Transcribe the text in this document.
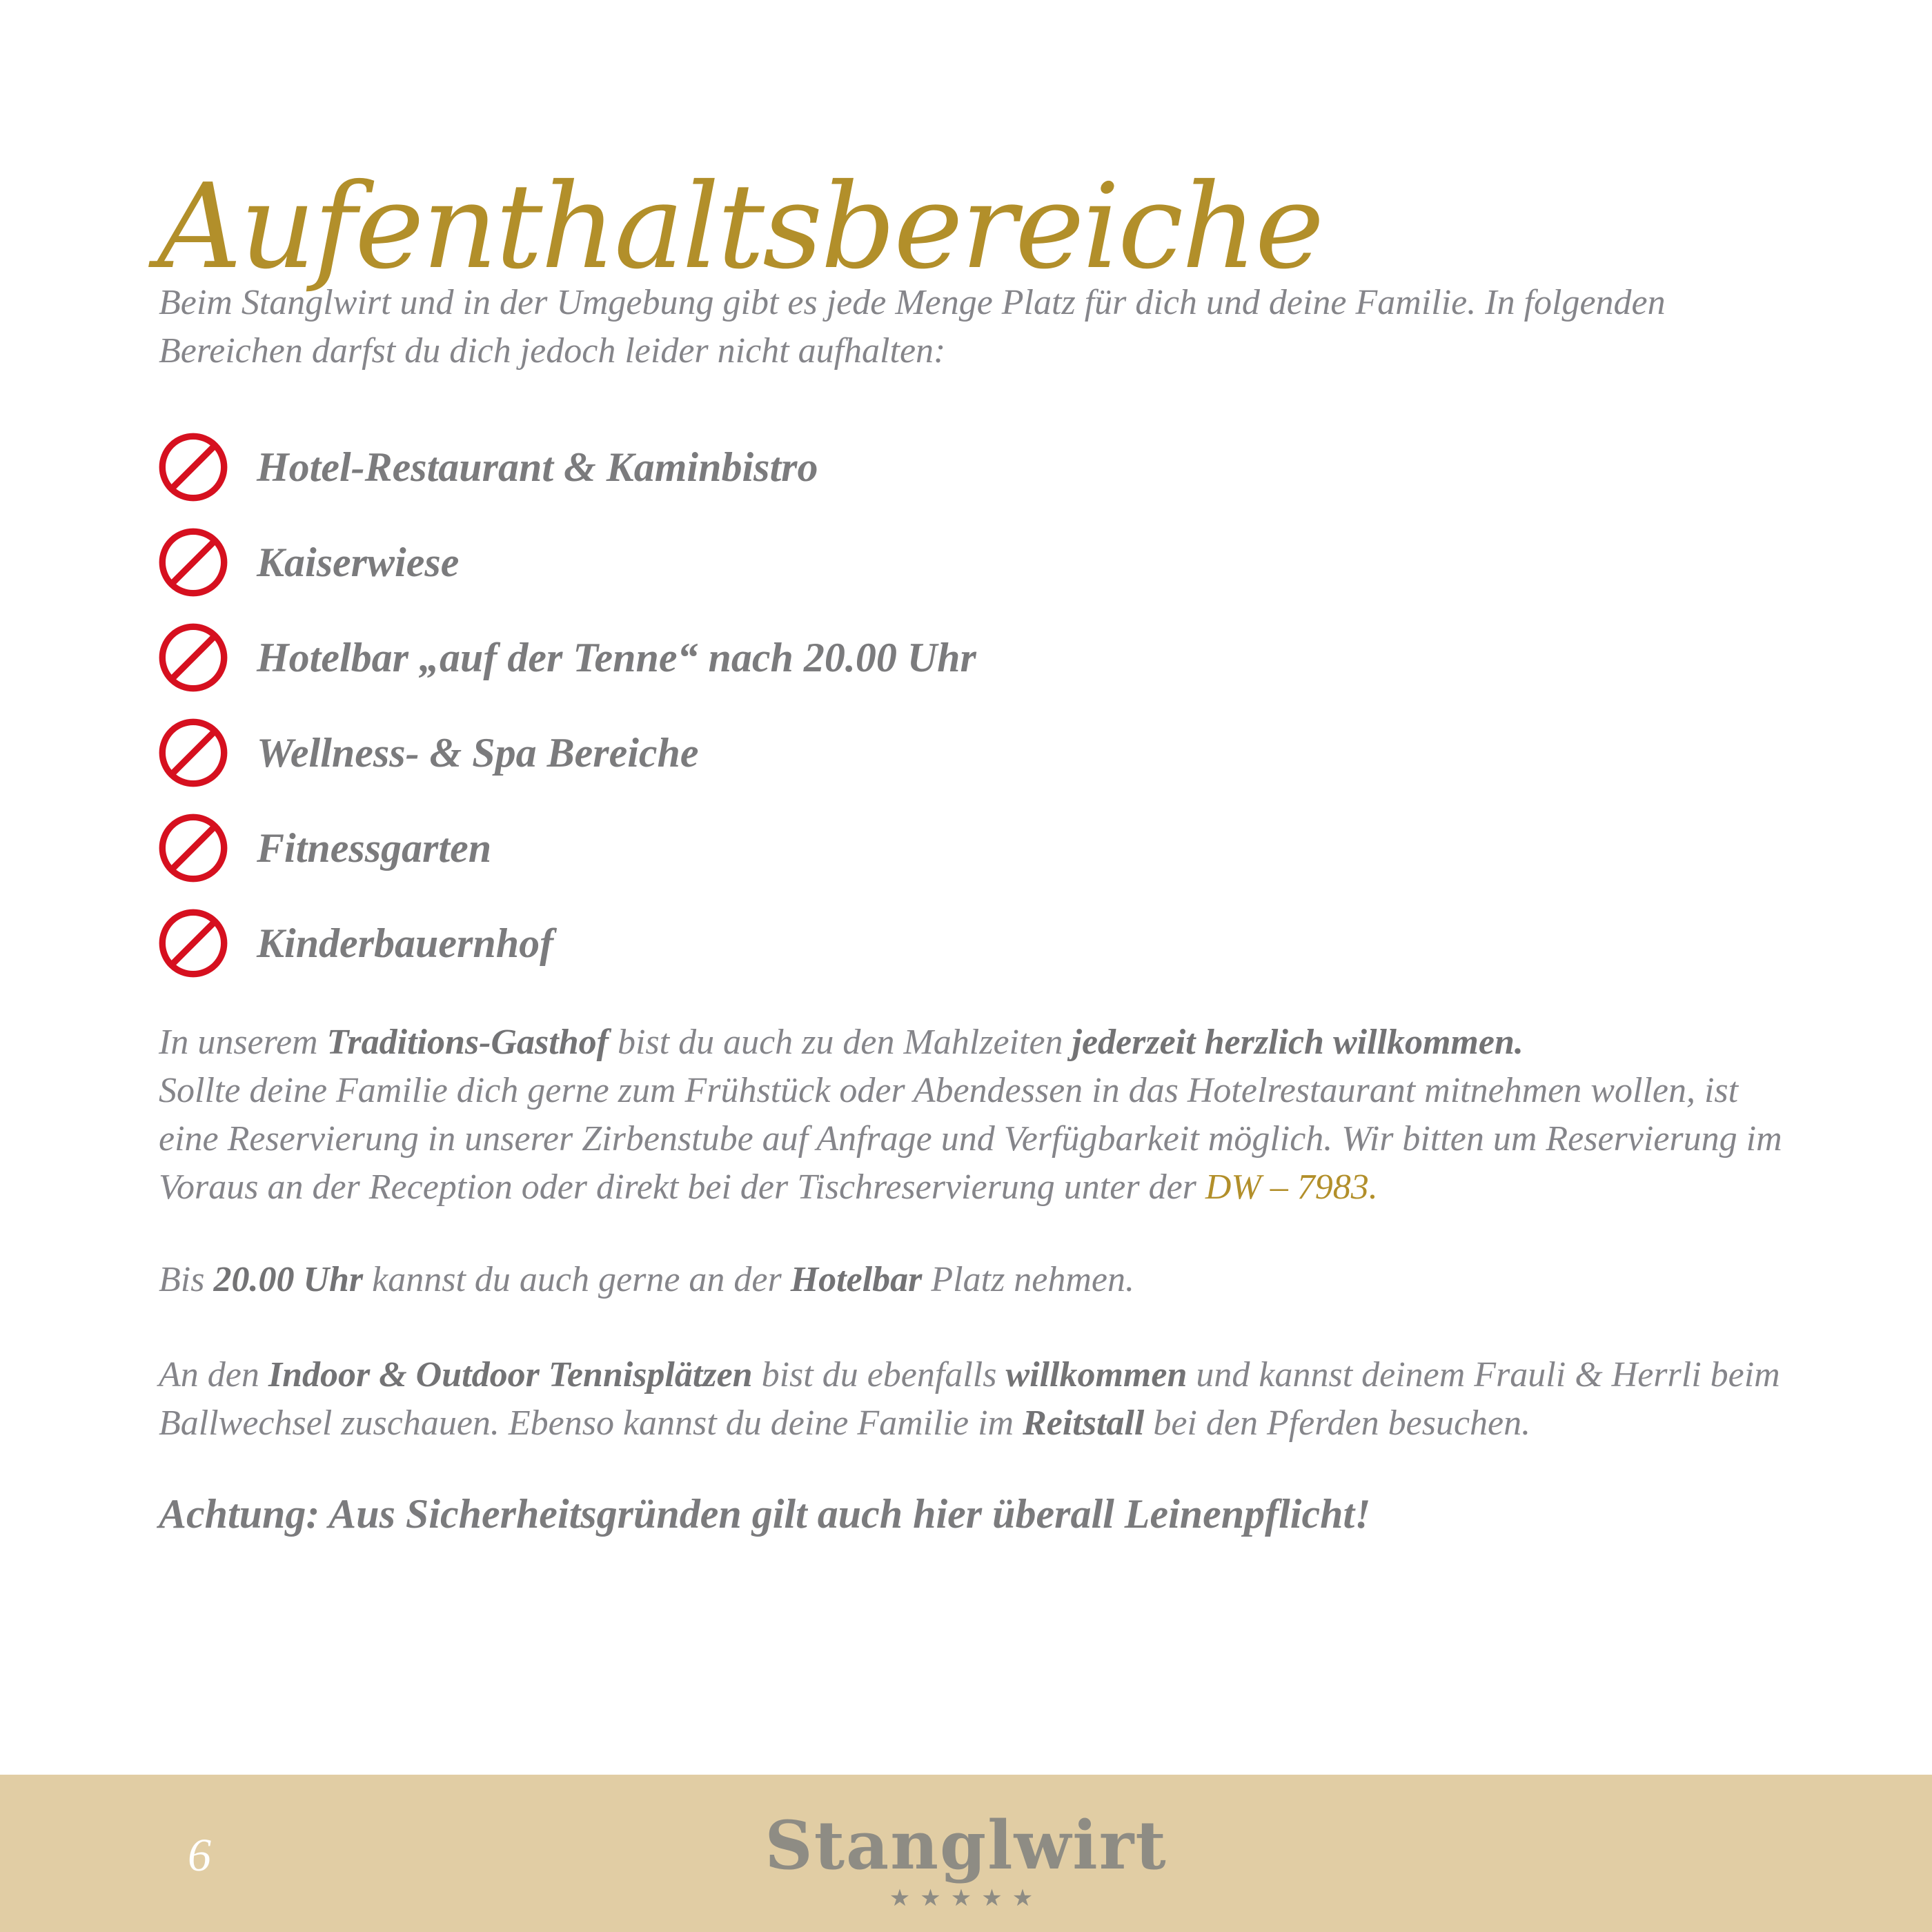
Aufenthaltsbereiche

Beim Stanglwirt und in der Umgebung gibt es jede Menge Platz für dich und deine Familie. In folgenden Bereichen darfst du dich jedoch leider nicht aufhalten:

Hotel-Restaurant & Kaminbistro
Kaiserwiese
Hotelbar „auf der Tenne“ nach 20.00 Uhr
Wellness- & Spa Bereiche
Fitnessgarten
Kinderbauernhof

In unserem Traditions-Gasthof bist du auch zu den Mahlzeiten jederzeit herzlich willkommen.
Sollte deine Familie dich gerne zum Frühstück oder Abendessen in das Hotelrestaurant mitnehmen wollen, ist eine Reservierung in unserer Zirbenstube auf Anfrage und Verfügbarkeit möglich. Wir bitten um Reservierung im Voraus an der Reception oder direkt bei der Tischreservierung unter der DW – 7983.

Bis 20.00 Uhr kannst du auch gerne an der Hotelbar Platz nehmen.

An den Indoor & Outdoor Tennisplätzen bist du ebenfalls willkommen und kannst deinem Frauli & Herrli beim Ballwechsel zuschauen. Ebenso kannst du deine Familie im Reitstall bei den Pferden besuchen.

Achtung: Aus Sicherheitsgründen gilt auch hier überall Leinenpflicht!

6	Stanglwirt
★★★★★
